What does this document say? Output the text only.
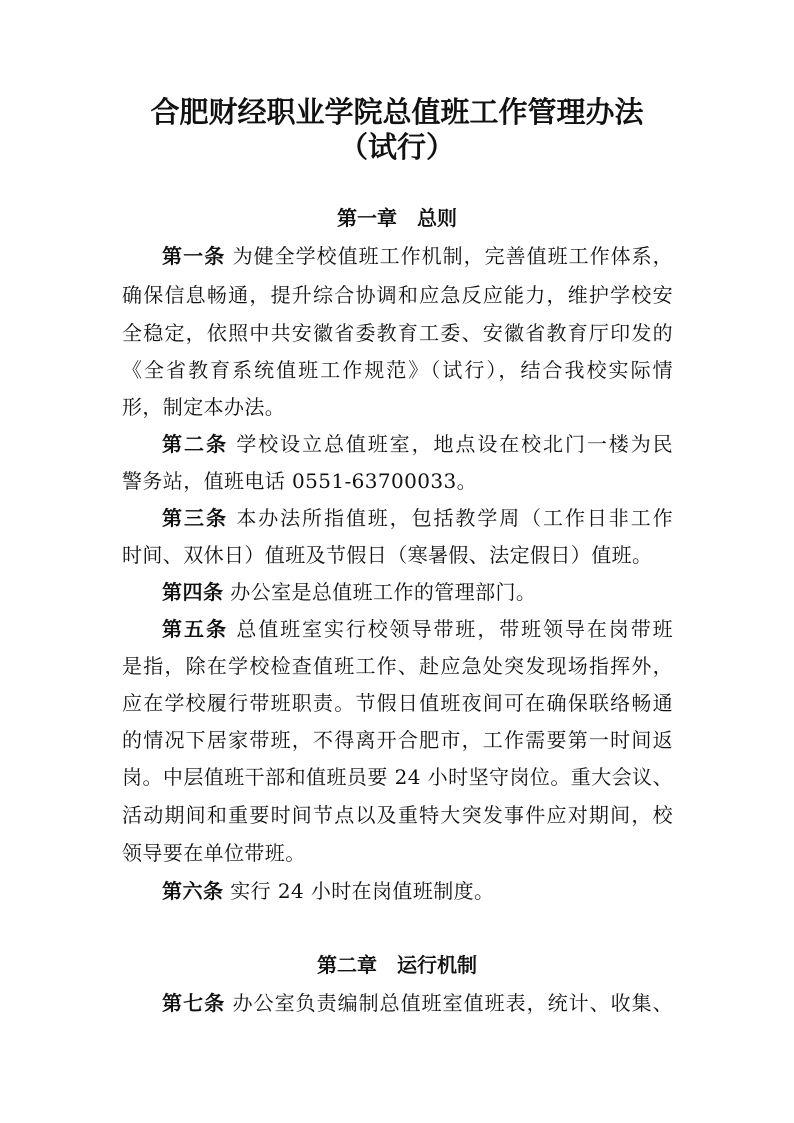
合肥财经职业学院总值班工作管理办法
（试行）
第一章　总则
第一条 为健全学校值班工作机制，完善值班工作体系，
确保信息畅通，提升综合协调和应急反应能力，维护学校安
全稳定，依照中共安徽省委教育工委、安徽省教育厅印发的
《全省教育系统值班工作规范》（试行），结合我校实际情
形，制定本办法。
第二条 学校设立总值班室，地点设在校北门一楼为民
警务站，值班电话 0551-63700033。
第三条 本办法所指值班，包括教学周（工作日非工作
时间、双休日）值班及节假日（寒暑假、法定假日）值班。
第四条 办公室是总值班工作的管理部门。
第五条 总值班室实行校领导带班，带班领导在岗带班
是指，除在学校检查值班工作、赴应急处突发现场指挥外，
应在学校履行带班职责。节假日值班夜间可在确保联络畅通
的情况下居家带班，不得离开合肥市，工作需要第一时间返
岗。中层值班干部和值班员要 24 小时坚守岗位。重大会议、
活动期间和重要时间节点以及重特大突发事件应对期间，校
领导要在单位带班。
第六条 实行 24 小时在岗值班制度。
第二章　运行机制
第七条 办公室负责编制总值班室值班表，统计、收集、
